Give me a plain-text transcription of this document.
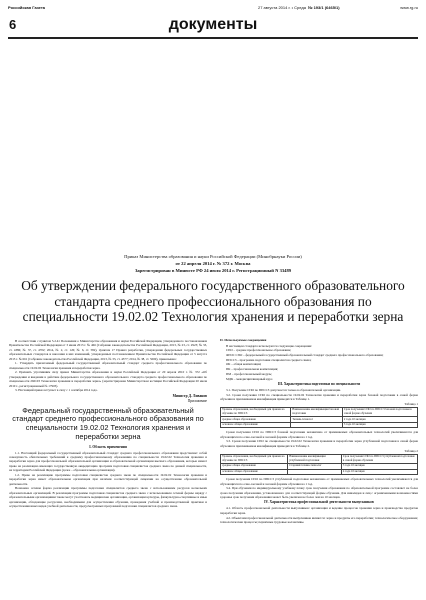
Российская Газета	27 августа 2014 г. • Среда № 193/1 (6465/1)	www.rg.ru
6	документы
Приказ Министерства образования и науки Российской Федерации (Минобрнауки России)
от 22 апреля 2014 г. № 372 г. Москва
Зарегистрирован в Минюсте РФ 24 июля 2014 г. Регистрационный N 33489
Об утверждении федерального государственного образовательного стандарта среднего профессионального образования по специальности 19.02.02 Технология хранения и переработки зерна

В соответствии с пунктом 5.2.41 Положения о Министерстве образования и науки Российской Федерации, утвержденного постановлением Правительства Российской Федерации от 3 июня 2013 г. № 466 (Собрание законодательства Российской Федерации, 2013, № 23, ст. 2923; № 33, ст. 4386; № 37, ст. 4702; 2014, № 2, ст. 126; № 6, ст. 582), пунктом 17 Правил разработки, утверждения федеральных государственных образовательных стандартов и внесения в них изменений, утвержденных постановлением Правительства Российской Федерации от 5 августа 2013 г. № 661 (Собрание законодательства Российской Федерации, 2013, № 33, ст. 4377; 2014, № 38, ст. 5069), приказываю:

1. Утвердить прилагаемый федеральный государственный образовательный стандарт среднего профессионального образования по специальности 19.02.02 Технология хранения и переработки зерна.

2. Признать утратившим силу приказ Министерства образования и науки Российской Федерации от 20 апреля 2010 г. № 372 «Об утверждении и введении в действие федерального государственного образовательного стандарта среднего профессионального образования по специальности 260103 Технология хранения и переработки зерна» (зарегистрирован Министерством юстиции Российской Федерации 20 июля 2010 г., регистрационный № 17903).

3. Настоящий приказ вступает в силу с 1 сентября 2014 года.

Министр Д. Ливанов
Приложение
Федеральный государственный образовательный стандарт среднего профессионального образования по специальности 19.02.02 Технология хранения и переработки зерна
I. Область применения

1.1. Настоящий федеральный государственный образовательный стандарт среднего профессионального образования представляет собой совокупность обязательных требований к среднему профессиональному образованию по специальности 19.02.02 Технология хранения и переработки зерна для профессиональной образовательной организации и образовательной организации высшего образования, которые имеют право на реализацию имеющих государственную аккредитацию программ подготовки специалистов среднего звена по данной специальности, на территории Российской Федерации (далее – образовательная организация).

1.2. Право на реализацию программы подготовки специалистов среднего звена по специальности 19.02.02 Технология хранения и переработки зерна имеет образовательная организация при наличии соответствующей лицензии на осуществление образовательной деятельности.

Возможна сетевая форма реализации программы подготовки специалистов среднего звена с использованием ресурсов нескольких образовательных организаций. В реализации программы подготовки специалистов среднего звена с использованием сетевой формы наряду с образовательными организациями также могут участвовать медицинские организации, организации культуры, физкультурно-спортивные и иные организации, обладающие ресурсами, необходимыми для осуществления обучения, проведения учебной и производственной практики и осуществления иных видов учебной деятельности, предусмотренных программой подготовки специалистов среднего звена.

II. Используемые сокращения

В настоящем стандарте используются следующие сокращения:

СПО – среднее профессиональное образование;

ФГОС СПО – федеральный государственный образовательный стандарт среднего профессионального образования;

ППССЗ – программа подготовки специалистов среднего звена;

ОК – общая компетенция;

ПК – профессиональная компетенция;

ПМ – профессиональный модуль;

МДК – междисциплинарный курс.

III. Характеристика подготовки по специальности

3.1. Получение СПО по ППССЗ допускается только в образовательной организации.

3.2. Сроки получения СПО по специальности 19.02.02 Технология хранения и переработки зерна базовой подготовки в очной форме обучения и присваиваемая квалификация приводятся в Таблице 1.

Таблица 1
Уровень образования, необходимый для приема на обучение по ППССЗ	Наименование квалификации базовой подготовки	Срок получения СПО по ППССЗ базовой подготовки в очной форме обучения
среднее общее образование	Техник-технолог	2 года 10 месяцев
основное общее образование		3 года 10 месяцев

Сроки получения СПО по ППССЗ базовой подготовки независимо от применяемых образовательных технологий увеличиваются для обучающихся по очно-заочной и заочной формам обучения на 1 год.

3.3. Сроки получения СПО по специальности 19.02.02 Технология хранения и переработки зерна углубленной подготовки в очной форме обучения и присваиваемая квалификация приводятся в Таблице 2.

Таблица 2
Уровень образования, необходимый для приема на обучение по ППССЗ	Наименование квалификации углубленной подготовки	Срок получения СПО по ППССЗ углубленной подготовки в очной форме обучения
среднее общее образование	Старший техник-технолог	3 года 10 месяцев
основное общее образование		4 года 10 месяцев

Сроки получения СПО по ППССЗ углубленной подготовки независимо от применяемых образовательных технологий увеличиваются для обучающихся по очно-заочной и заочной формам обучения на 1 год.

3.4. При обучении по индивидуальному учебному плану срок получения образования по образовательной программе составляет не более срока получения образования, установленного для соответствующей формы обучения. Для инвалидов и лиц с ограниченными возможностями здоровья срок получения образования может быть увеличен не более чем на 10 месяцев.

IV. Характеристика профессиональной деятельности выпускников

4.1. Область профессиональной деятельности выпускников: организация и ведение процессов хранения зерна и производства продуктов переработки зерна.

4.2. Объектами профессиональной деятельности выпускников являются: зерно и продукты его переработки; технологическое оборудование; технологические процессы; первичные трудовые коллективы.
